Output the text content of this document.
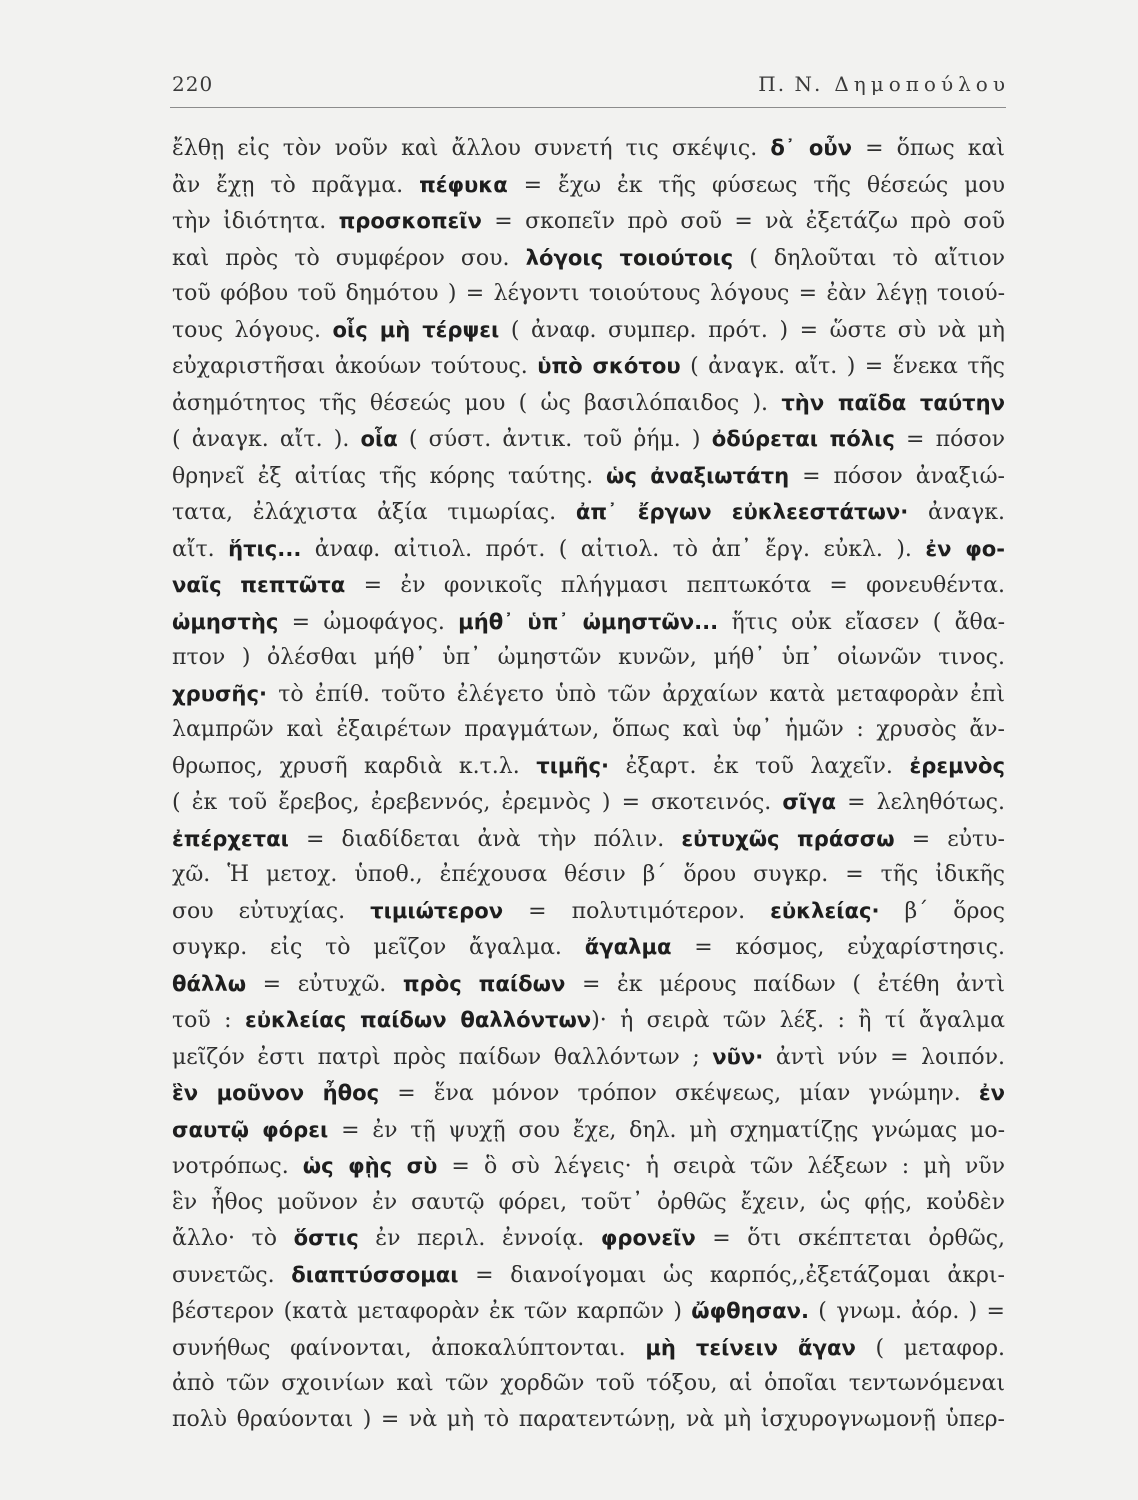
220	Π. Ν. Δημοπούλου
ἔλθῃ εἰς τὸν νοῦν καὶ ἄλλου συνετή τις σκέψις. δ᾽ οὖν = ὅπως καὶ
ἂν ἔχῃ τὸ πρᾶγμα. πέφυκα = ἔχω ἐκ τῆς φύσεως τῆς θέσεώς μου
τὴν ἰδιότητα. προσκοπεῖν = σκοπεῖν πρὸ σοῦ = νὰ ἐξετάζω πρὸ σοῦ
καὶ πρὸς τὸ συμφέρον σου. λόγοις τοιούτοις ( δηλοῦται τὸ αἴτιον
τοῦ φόβου τοῦ δημότου ) = λέγοντι τοιούτους λόγους = ἐὰν λέγῃ τοιού-
τους λόγους. οἷς μὴ τέρψει ( ἀναφ. συμπερ. πρότ. ) = ὥστε σὺ νὰ μὴ
εὐχαριστῆσαι ἀκούων τούτους. ὑπὸ σκότου ( ἀναγκ. αἴτ. ) = ἕνεκα τῆς
ἀσημότητος τῆς θέσεώς μου ( ὡς βασιλόπαιδος ). τὴν παῖδα ταύτην
( ἀναγκ. αἴτ. ). οἷα ( σύστ. ἀντικ. τοῦ ῥήμ. ) ὀδύρεται πόλις = πόσον
θρηνεῖ ἐξ αἰτίας τῆς κόρης ταύτης. ὡς ἀναξιωτάτη = πόσον ἀναξιώ-
τατα, ἐλάχιστα ἀξία τιμωρίας. ἀπ᾽ ἔργων εὐκλεεστάτων· ἀναγκ.
αἴτ. ἥτις... ἀναφ. αἰτιολ. πρότ. ( αἰτιολ. τὸ ἀπ᾽ ἔργ. εὐκλ. ). ἐν φο-
ναῖς πεπτῶτα = ἐν φονικοῖς πλήγμασι πεπτωκότα = φονευθέντα.
ὠμηστὴς = ὠμοφάγος. μήθ᾽ ὑπ᾽ ὠμηστῶν... ἥτις οὐκ εἴασεν ( ἄθα-
πτον ) ὀλέσθαι μήθ᾽ ὑπ᾽ ὠμηστῶν κυνῶν, μήθ᾽ ὑπ᾽ οἰωνῶν τινος.
χρυσῆς· τὸ ἐπίθ. τοῦτο ἐλέγετο ὑπὸ τῶν ἀρχαίων κατὰ μεταφορὰν ἐπὶ
λαμπρῶν καὶ ἐξαιρέτων πραγμάτων, ὅπως καὶ ὑφ᾽ ἡμῶν : χρυσὸς ἄν-
θρωπος, χρυσῆ καρδιὰ κ.τ.λ. τιμῆς· ἐξαρτ. ἐκ τοῦ λαχεῖν. ἐρεμνὸς
( ἐκ τοῦ ἔρεβος, ἐρεβεννός, ἐρεμνὸς ) = σκοτεινός. σῖγα = λεληθότως.
ἐπέρχεται = διαδίδεται ἀνὰ τὴν πόλιν. εὐτυχῶς πράσσω = εὐτυ-
χῶ. Ἡ μετοχ. ὑποθ., ἐπέχουσα θέσιν β΄ ὅρου συγκρ. = τῆς ἰδικῆς
σου εὐτυχίας. τιμιώτερον = πολυτιμότερον. εὐκλείας· β΄ ὅρος
συγκρ. εἰς τὸ μεῖζον ἄγαλμα. ἄγαλμα = κόσμος, εὐχαρίστησις.
θάλλω = εὐτυχῶ. πρὸς παίδων = ἐκ μέρους παίδων ( ἐτέθη ἀντὶ
τοῦ : εὐκλείας παίδων θαλλόντων)· ἡ σειρὰ τῶν λέξ. : ἢ τί ἄγαλμα
μεῖζόν ἐστι πατρὶ πρὸς παίδων θαλλόντων ; νῦν· ἀντὶ νύν = λοιπόν.
ἓν μοῦνον ἦθος = ἕνα μόνον τρόπον σκέψεως, μίαν γνώμην. ἐν
σαυτῷ φόρει = ἐν τῇ ψυχῇ σου ἔχε, δηλ. μὴ σχηματίζῃς γνώμας μο-
νοτρόπως. ὡς φῂς σὺ = ὃ σὺ λέγεις· ἡ σειρὰ τῶν λέξεων : μὴ νῦν
ἓν ἦθος μοῦνον ἐν σαυτῷ φόρει, τοῦτ᾽ ὀρθῶς ἔχειν, ὡς φῄς, κοὐδὲν
ἄλλο· τὸ ὅστις ἐν περιλ. ἐννοίᾳ. φρονεῖν = ὅτι σκέπτεται ὀρθῶς,
συνετῶς. διαπτύσσομαι = διανοίγομαι ὡς καρπός,,ἐξετάζομαι ἀκρι-
βέστερον (κατὰ μεταφορὰν ἐκ τῶν καρπῶν ) ὤφθησαν. ( γνωμ. ἀόρ. ) =
συνήθως φαίνονται, ἀποκαλύπτονται. μὴ τείνειν ἄγαν ( μεταφορ.
ἀπὸ τῶν σχοινίων καὶ τῶν χορδῶν τοῦ τόξου, αἱ ὁποῖαι τεντωνόμεναι
πολὺ θραύονται ) = νὰ μὴ τὸ παρατεντώνῃ, νὰ μὴ ἰσχυρογνωμονῇ ὑπερ-
